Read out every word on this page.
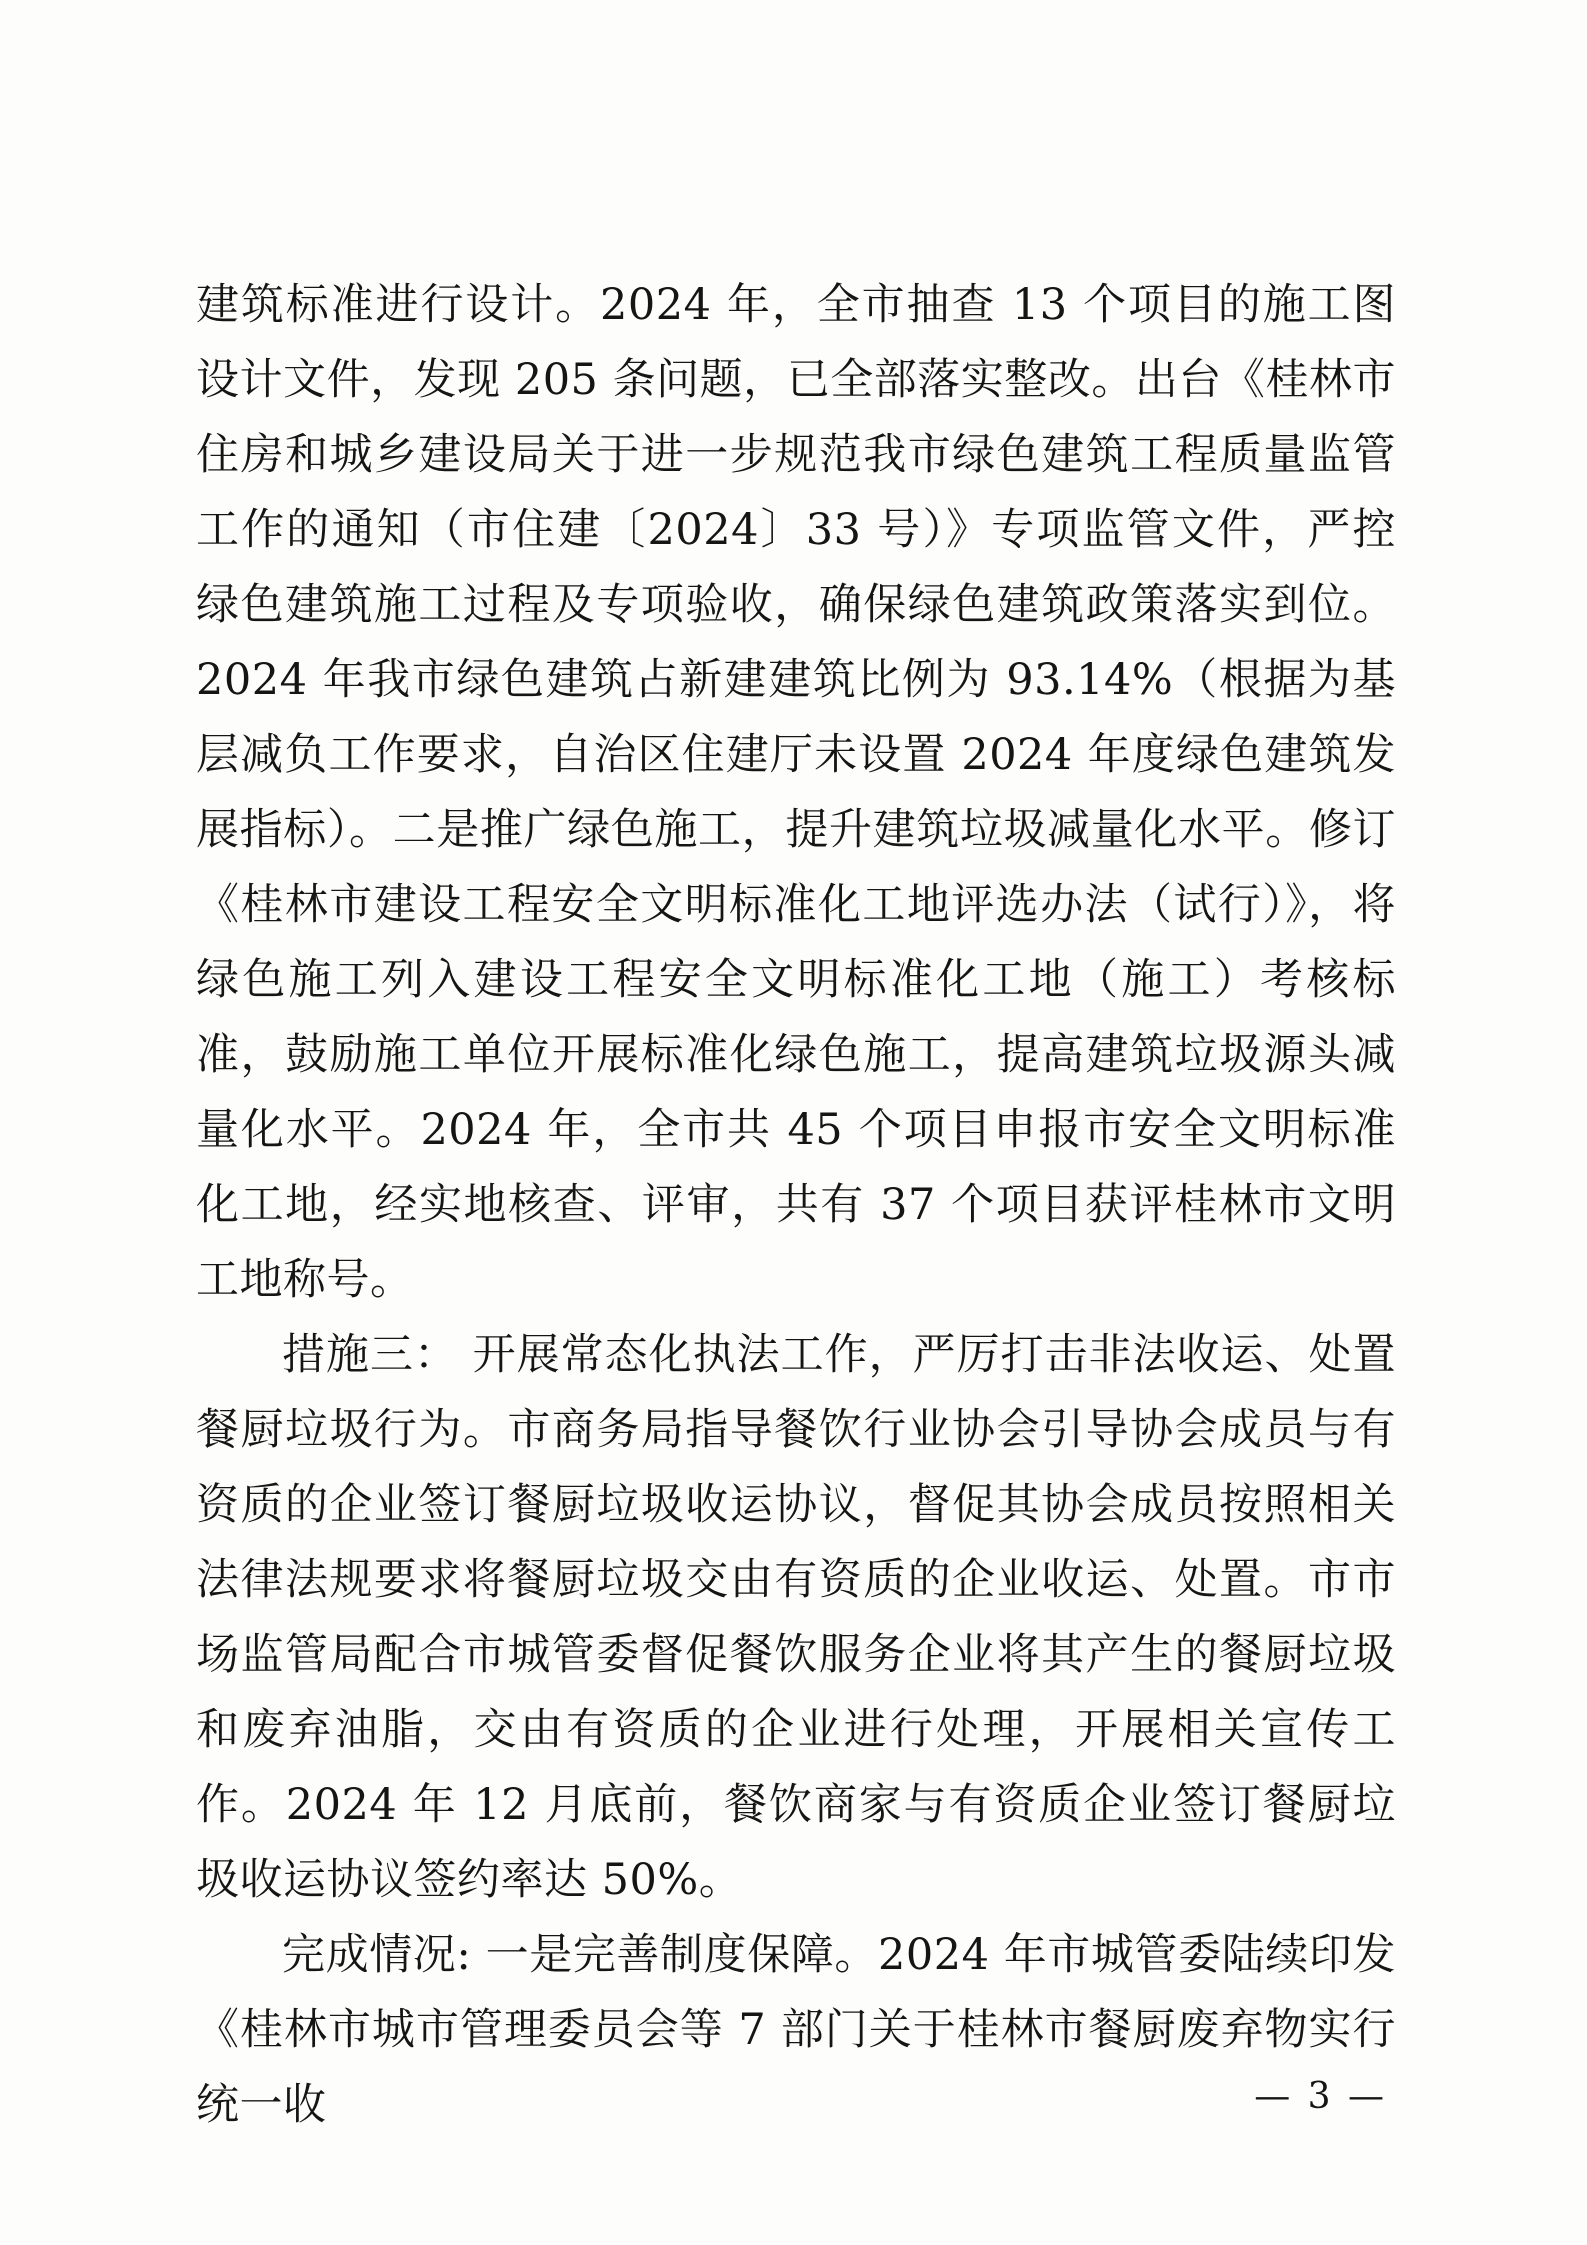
建筑标准进行设计。2024 年，全市抽查 13 个项目的施工图设计文件，发现 205 条问题，已全部落实整改。出台《桂林市住房和城乡建设局关于进一步规范我市绿色建筑工程质量监管工作的通知（市住建〔2024〕33 号）》专项监管文件，严控绿色建筑施工过程及专项验收，确保绿色建筑政策落实到位。2024 年我市绿色建筑占新建建筑比例为 93.14%（根据为基层减负工作要求，自治区住建厅未设置 2024 年度绿色建筑发展指标）。二是推广绿色施工，提升建筑垃圾减量化水平。修订《桂林市建设工程安全文明标准化工地评选办法（试行）》，将绿色施工列入建设工程安全文明标准化工地（施工）考核标准，鼓励施工单位开展标准化绿色施工，提高建筑垃圾源头减量化水平。2024 年，全市共 45 个项目申报市安全文明标准化工地，经实地核查、评审，共有 37 个项目获评桂林市文明工地称号。

措施三： 开展常态化执法工作，严厉打击非法收运、处置餐厨垃圾行为。市商务局指导餐饮行业协会引导协会成员与有资质的企业签订餐厨垃圾收运协议，督促其协会成员按照相关法律法规要求将餐厨垃圾交由有资质的企业收运、处置。市市场监管局配合市城管委督促餐饮服务企业将其产生的餐厨垃圾和废弃油脂，交由有资质的企业进行处理，开展相关宣传工作。2024 年 12 月底前，餐饮商家与有资质企业签订餐厨垃圾收运协议签约率达 50%。

完成情况: 一是完善制度保障。2024 年市城管委陆续印发《桂林市城市管理委员会等 7 部门关于桂林市餐厨废弃物实行统一收	— 3 —
